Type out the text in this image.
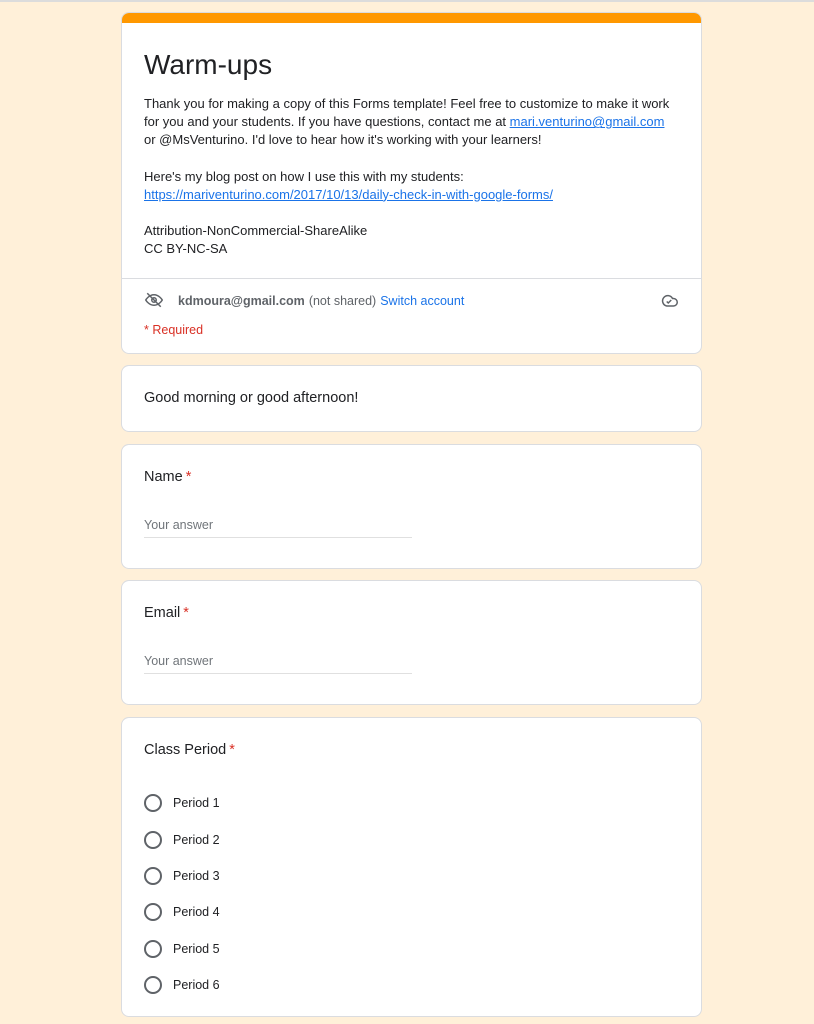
Warm-ups

Thank you for making a copy of this Forms template! Feel free to customize to make it work for you and your students. If you have questions, contact me at mari.venturino@gmail.com or @MsVenturino. I'd love to hear how it's working with your learners!

Here's my blog post on how I use this with my students:

https://mariventurino.com/2017/10/13/daily-check-in-with-google-forms/

Attribution-NonCommercial-ShareAlike

CC BY-NC-SA

kdmoura@gmail.com (not shared) Switch account
* Required
Good morning or good afternoon!
Name *
Your answer
Email *
Your answer
Class Period *
Period 1
Period 2
Period 3
Period 4
Period 5
Period 6
